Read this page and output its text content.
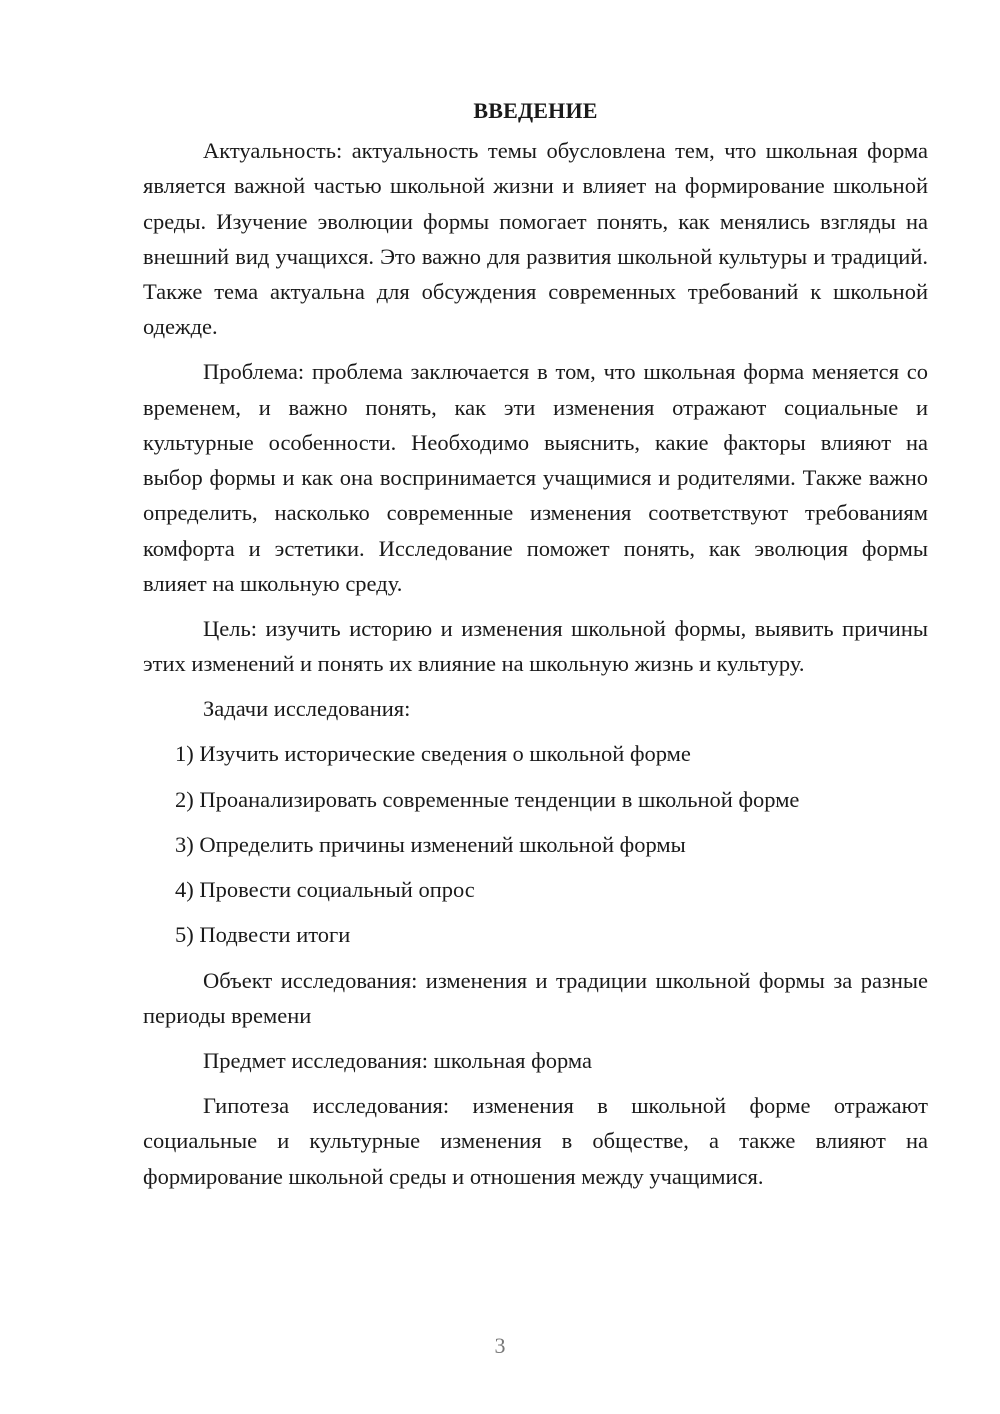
ВВЕДЕНИЕ

Актуальность: актуальность темы обусловлена тем, что школьная форма является важной частью школьной жизни и влияет на формирование школьной среды. Изучение эволюции формы помогает понять, как менялись взгляды на внешний вид учащихся. Это важно для развития школьной культуры и традиций. Также тема актуальна для обсуждения современных требований к школьной одежде.

Проблема: проблема заключается в том, что школьная форма меняется со временем, и важно понять, как эти изменения отражают социальные и культурные особенности. Необходимо выяснить, какие факторы влияют на выбор формы и как она воспринимается учащимися и родителями. Также важно определить, насколько современные изменения соответствуют требованиям комфорта и эстетики. Исследование поможет понять, как эволюция формы влияет на школьную среду.

Цель: изучить историю и изменения школьной формы, выявить причины этих изменений и понять их влияние на школьную жизнь и культуру.

Задачи исследования:

1) Изучить исторические сведения о школьной форме
2) Проанализировать современные тенденции в школьной форме
3) Определить причины изменений школьной формы
4) Провести социальный опрос
5) Подвести итоги

Объект исследования: изменения и традиции школьной формы за разные периоды времени

Предмет исследования: школьная форма

Гипотеза исследования: изменения в школьной форме отражают социальные и культурные изменения в обществе, а также влияют на формирование школьной среды и отношения между учащимися.

3
